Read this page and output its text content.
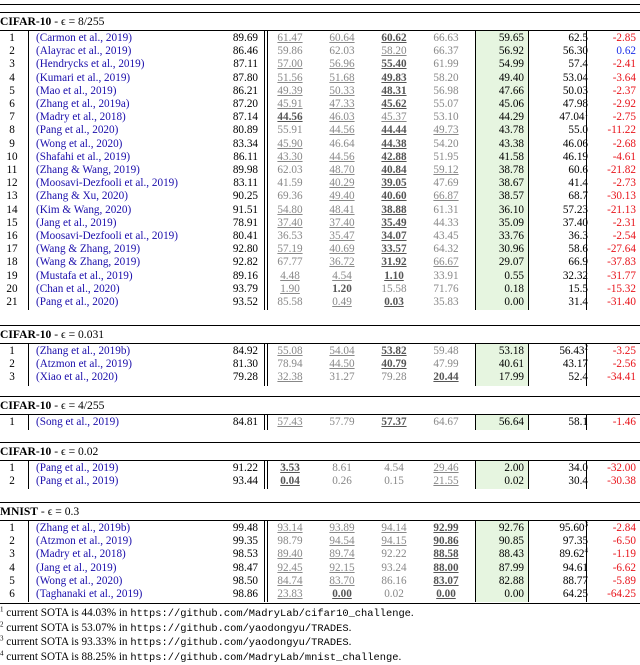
CIFAR-10 - ϵ = 8/255
1	(Carmon et al., 2019)	89.69	61.47	60.64	60.62	66.63	59.65	62.5	-2.85
2	(Alayrac et al., 2019)	86.46	59.86	62.03	58.20	66.37	56.92	56.30	0.62
3	(Hendrycks et al., 2019)	87.11	57.00	56.96	55.40	61.99	54.99	57.4	-2.41
4	(Kumari et al., 2019)	87.80	51.56	51.68	49.83	58.20	49.40	53.04	-3.64
5	(Mao et al., 2019)	86.21	49.39	50.33	48.31	56.98	47.66	50.03	-2.37
6	(Zhang et al., 2019a)	87.20	45.91	47.33	45.62	55.07	45.06	47.98	-2.92
7	(Madry et al., 2018)	87.14	44.56	46.03	45.37	53.10	44.29	47.04$^1$	-2.75
8	(Pang et al., 2020)	80.89	55.91	44.56	44.44	49.73	43.78	55.0	-11.22
9	(Wong et al., 2020)	83.34	45.90	46.64	44.38	54.20	43.38	46.06	-2.68
10	(Shafahi et al., 2019)	86.11	43.30	44.56	42.88	51.95	41.58	46.19	-4.61
11	(Zhang & Wang, 2019)	89.98	62.03	48.70	40.84	59.12	38.78	60.6	-21.82
12	(Moosavi-Dezfooli et al., 2019)	83.11	41.59	40.29	39.05	47.69	38.67	41.4	-2.73
13	(Zhang & Xu, 2020)	90.25	69.36	49.40	40.60	66.87	38.57	68.7	-30.13
14	(Kim & Wang, 2020)	91.51	54.80	48.41	38.88	61.31	36.10	57.23	-21.13
15	(Jang et al., 2019)	78.91	37.40	37.40	35.49	44.33	35.09	37.40	-2.31
16	(Moosavi-Dezfooli et al., 2019)	80.41	36.53	35.47	34.07	43.45	33.76	36.3	-2.54
17	(Wang & Zhang, 2019)	92.80	57.19	40.69	33.57	64.32	30.96	58.6	-27.64
18	(Wang & Zhang, 2019)	92.82	67.77	36.72	31.92	66.67	29.07	66.9	-37.83
19	(Mustafa et al., 2019)	89.16	4.48	4.54	1.10	33.91	0.55	32.32	-31.77
20	(Chan et al., 2020)	93.79	1.90	1.20	15.58	71.76	0.18	15.5	-15.32
21	(Pang et al., 2020)	93.52	85.58	0.49	0.03	35.83	0.00	31.4	-31.40
CIFAR-10 - ϵ = 0.031
1	(Zhang et al., 2019b)	84.92	55.08	54.04	53.82	59.48	53.18	56.43$^2$	-3.25
2	(Atzmon et al., 2019)	81.30	78.94	44.50	40.79	47.99	40.61	43.17	-2.56
3	(Xiao et al., 2020)	79.28	32.38	31.27	79.28	20.44	17.99	52.4	-34.41
CIFAR-10 - ϵ = 4/255
1	(Song et al., 2019)	84.81	57.43	57.79	57.37	64.67	56.64	58.1	-1.46
CIFAR-10 - ϵ = 0.02
1	(Pang et al., 2019)	91.22	3.53	8.61	4.54	29.46	2.00	34.0	-32.00
2	(Pang et al., 2019)	93.44	0.04	0.26	0.15	21.55	0.02	30.4	-30.38
MNIST - ϵ = 0.3
1	(Zhang et al., 2019b)	99.48	93.14	93.89	94.14	92.99	92.76	95.60$^3$	-2.84
2	(Atzmon et al., 2019)	99.35	98.79	94.54	94.15	90.86	90.85	97.35	-6.50
3	(Madry et al., 2018)	98.53	89.40	89.74	92.22	88.58	88.43	89.62$^4$	-1.19
4	(Jang et al., 2019)	98.47	92.45	92.15	93.24	88.00	87.99	94.61	-6.62
5	(Wong et al., 2020)	98.50	84.74	83.70	86.16	83.07	82.88	88.77	-5.89
6	(Taghanaki et al., 2019)	98.86	23.83	0.00	0.02	0.00	0.00	64.25	-64.25
$^1$ current SOTA is 44.03% in https://github.com/MadryLab/cifar10_challenge.
$^2$ current SOTA is 53.07% in https://github.com/yaodongyu/TRADES.
$^3$ current SOTA is 93.33% in https://github.com/yaodongyu/TRADES.
$^4$ current SOTA is 88.25% in https://github.com/MadryLab/mnist_challenge.
